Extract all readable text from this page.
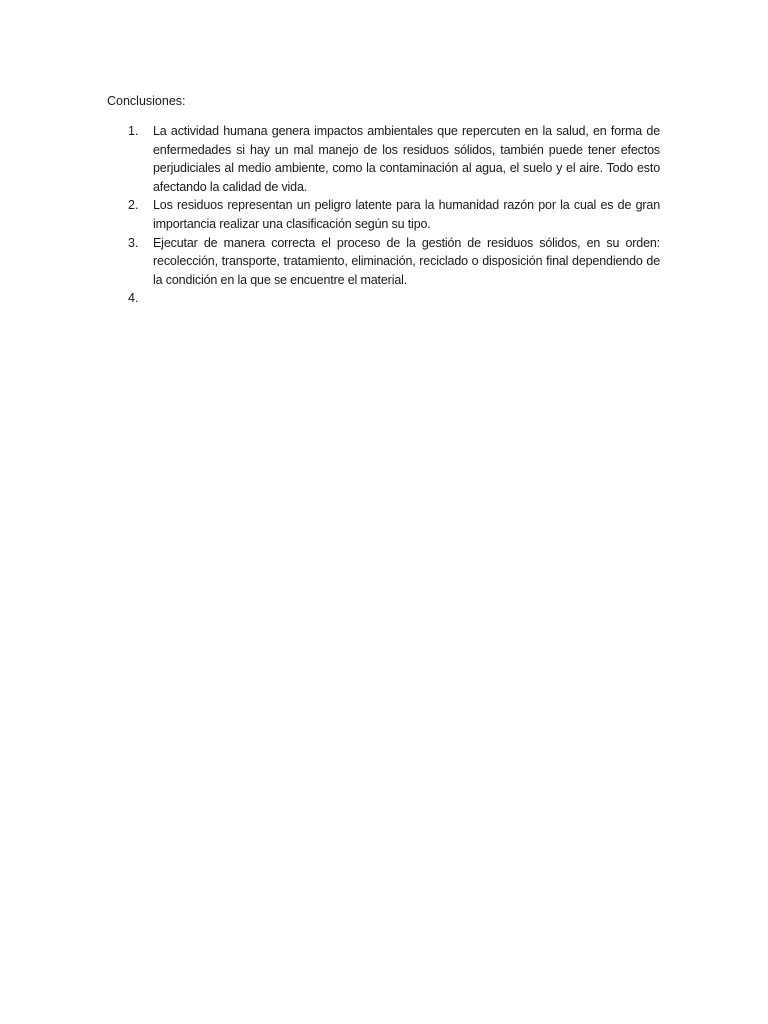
Conclusiones:
1. La actividad humana genera impactos ambientales que repercuten en la salud, en forma de enfermedades si hay un mal manejo de los residuos sólidos, también puede tener efectos perjudiciales al medio ambiente, como la contaminación al agua, el suelo y el aire. Todo esto afectando la calidad de vida.
2. Los residuos representan un peligro latente para la humanidad razón por la cual es de gran importancia realizar una clasificación según su tipo.
3. Ejecutar de manera correcta el proceso de la gestión de residuos sólidos, en su orden: recolección, transporte, tratamiento, eliminación, reciclado o disposición final dependiendo de la condición en la que se encuentre el material.
4.
